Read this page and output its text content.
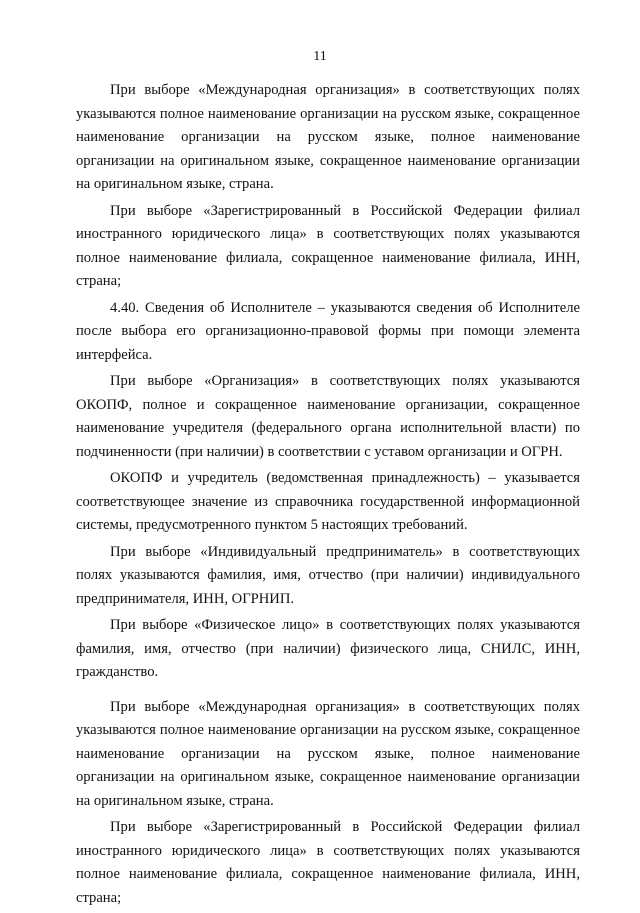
11

При выборе «Международная организация» в соответствующих полях указываются полное наименование организации на русском языке, сокращенное наименование организации на русском языке, полное наименование организации на оригинальном языке, сокращенное наименование организации на оригинальном языке, страна.

При выборе «Зарегистрированный в Российской Федерации филиал иностранного юридического лица» в соответствующих полях указываются полное наименование филиала, сокращенное наименование филиала, ИНН, страна;

4.40. Сведения об Исполнителе – указываются сведения об Исполнителе после выбора его организационно-правовой формы при помощи элемента интерфейса.

При выборе «Организация» в соответствующих полях указываются ОКОПФ, полное и сокращенное наименование организации, сокращенное наименование учредителя (федерального органа исполнительной власти) по подчиненности (при наличии) в соответствии с уставом организации и ОГРН.

ОКОПФ и учредитель (ведомственная принадлежность) – указывается соответствующее значение из справочника государственной информационной системы, предусмотренного пунктом 5 настоящих требований.

При выборе «Индивидуальный предприниматель» в соответствующих полях указываются фамилия, имя, отчество (при наличии) индивидуального предпринимателя, ИНН, ОГРНИП.

При выборе «Физическое лицо» в соответствующих полях указываются фамилия, имя, отчество (при наличии) физического лица, СНИЛС, ИНН, гражданство.

При выборе «Международная организация» в соответствующих полях указываются полное наименование организации на русском языке, сокращенное наименование организации на русском языке, полное наименование организации на оригинальном языке, сокращенное наименование организации на оригинальном языке, страна.

При выборе «Зарегистрированный в Российской Федерации филиал иностранного юридического лица» в соответствующих полях указываются полное наименование филиала, сокращенное наименование филиала, ИНН, страна;
